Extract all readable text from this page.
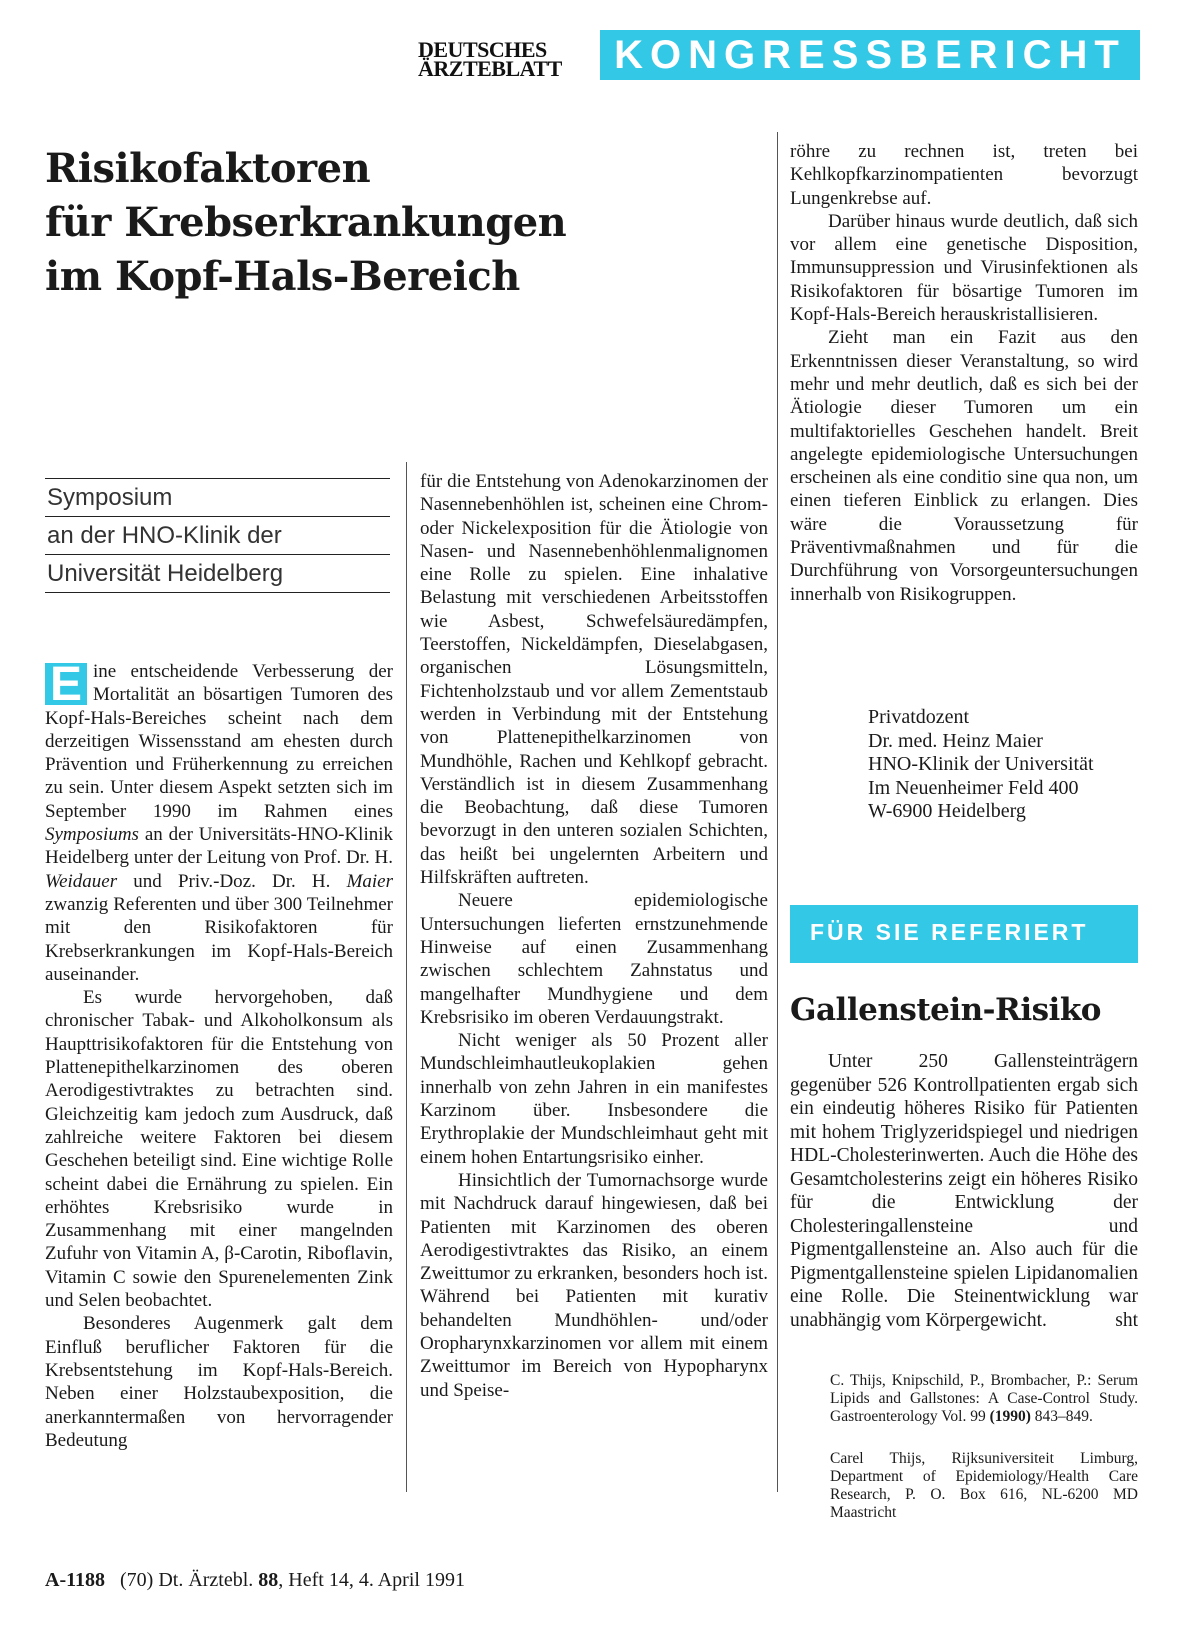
DEUTSCHES
ÄRZTEBLATT	KONGRESSBERICHT
Risikofaktoren
für Krebserkrankungen
im Kopf-Hals-Bereich
Symposium
an der HNO-Klinik der
Universität Heidelberg

E ine entscheidende Verbesserung der Mortalität an bösartigen Tumoren des Kopf-Hals-Bereiches scheint nach dem derzeitigen Wissensstand am ehesten durch Prävention und Früherkennung zu erreichen zu sein. Unter diesem Aspekt setzten sich im September 1990 im Rahmen eines Symposiums an der Universitäts-HNO-Klinik Heidelberg unter der Leitung von Prof. Dr. H. Weidauer und Priv.-Doz. Dr. H. Maier zwanzig Referenten und über 300 Teilnehmer mit den Risikofaktoren für Krebserkrankungen im Kopf-Hals-Bereich auseinander.

Es wurde hervorgehoben, daß chronischer Tabak- und Alkoholkonsum als Haupttrisikofaktoren für die Entstehung von Plattenepithelkarzinomen des oberen Aerodigestivtraktes zu betrachten sind. Gleichzeitig kam jedoch zum Ausdruck, daß zahlreiche weitere Faktoren bei diesem Geschehen beteiligt sind. Eine wichtige Rolle scheint dabei die Ernährung zu spielen. Ein erhöhtes Krebsrisiko wurde in Zusammenhang mit einer mangelnden Zufuhr von Vitamin A, β-Carotin, Riboflavin, Vitamin C sowie den Spurenelementen Zink und Selen beobachtet.

Besonderes Augenmerk galt dem Einfluß beruflicher Faktoren für die Krebsentstehung im Kopf-Hals-Bereich. Neben einer Holzstaubexposition, die anerkanntermaßen von hervorragender Bedeutung

für die Entstehung von Adenokarzinomen der Nasennebenhöhlen ist, scheinen eine Chrom- oder Nickelexposition für die Ätiologie von Nasen- und Nasennebenhöhlenmalignomen eine Rolle zu spielen. Eine inhalative Belastung mit verschiedenen Arbeitsstoffen wie Asbest, Schwefelsäuredämpfen, Teerstoffen, Nickeldämpfen, Dieselabgasen, organischen Lösungsmitteln, Fichtenholzstaub und vor allem Zementstaub werden in Verbindung mit der Entstehung von Plattenepithelkarzinomen von Mundhöhle, Rachen und Kehlkopf gebracht. Verständlich ist in diesem Zusammenhang die Beobachtung, daß diese Tumoren bevorzugt in den unteren sozialen Schichten, das heißt bei ungelernten Arbeitern und Hilfskräften auftreten.

Neuere epidemiologische Untersuchungen lieferten ernstzunehmende Hinweise auf einen Zusammenhang zwischen schlechtem Zahnstatus und mangelhafter Mundhygiene und dem Krebsrisiko im oberen Verdauungstrakt.

Nicht weniger als 50 Prozent aller Mundschleimhautleukoplakien gehen innerhalb von zehn Jahren in ein manifestes Karzinom über. Insbesondere die Erythroplakie der Mundschleimhaut geht mit einem hohen Entartungsrisiko einher.

Hinsichtlich der Tumornachsorge wurde mit Nachdruck darauf hingewiesen, daß bei Patienten mit Karzinomen des oberen Aerodigestivtraktes das Risiko, an einem Zweittumor zu erkranken, besonders hoch ist. Während bei Patienten mit kurativ behandelten Mundhöhlen- und/oder Oropharynxkarzinomen vor allem mit einem Zweittumor im Bereich von Hypopharynx und Speise-

röhre zu rechnen ist, treten bei Kehlkopfkarzinompatienten bevorzugt Lungenkrebse auf.

Darüber hinaus wurde deutlich, daß sich vor allem eine genetische Disposition, Immunsuppression und Virusinfektionen als Risikofaktoren für bösartige Tumoren im Kopf-Hals-Bereich herauskristallisieren.

Zieht man ein Fazit aus den Erkenntnissen dieser Veranstaltung, so wird mehr und mehr deutlich, daß es sich bei der Ätiologie dieser Tumoren um ein multifaktorielles Geschehen handelt. Breit angelegte epidemiologische Untersuchungen erscheinen als eine conditio sine qua non, um einen tieferen Einblick zu erlangen. Dies wäre die Voraussetzung für Präventivmaßnahmen und für die Durchführung von Vorsorgeuntersuchungen innerhalb von Risikogruppen.

Privatdozent
Dr. med. Heinz Maier
HNO-Klinik der Universität
Im Neuenheimer Feld 400
W-6900 Heidelberg
FÜR SIE REFERIERT
Gallenstein-Risiko

Unter 250 Gallensteinträgern gegenüber 526 Kontrollpatienten ergab sich ein eindeutig höheres Risiko für Patienten mit hohem Triglyzeridspiegel und niedrigen HDL-Cholesterinwerten. Auch die Höhe des Gesamtcholesterins zeigt ein höheres Risiko für die Entwicklung der Cholesteringallensteine und Pigmentgallensteine an. Also auch für die Pigmentgallensteine spielen Lipidanomalien eine Rolle. Die Steinentwicklung war unabhängig vom Körpergewicht.	sht

C. Thijs, Knipschild, P., Brombacher, P.: Serum Lipids and Gallstones: A Case-Control Study. Gastroenterology Vol. 99 (1990) 843–849.

Carel Thijs, Rijksuniversiteit Limburg, Department of Epidemiology/Health Care Research, P. O. Box 616, NL-6200 MD Maastricht

A-1188 (70) Dt. Ärztebl. 88, Heft 14, 4. April 1991
